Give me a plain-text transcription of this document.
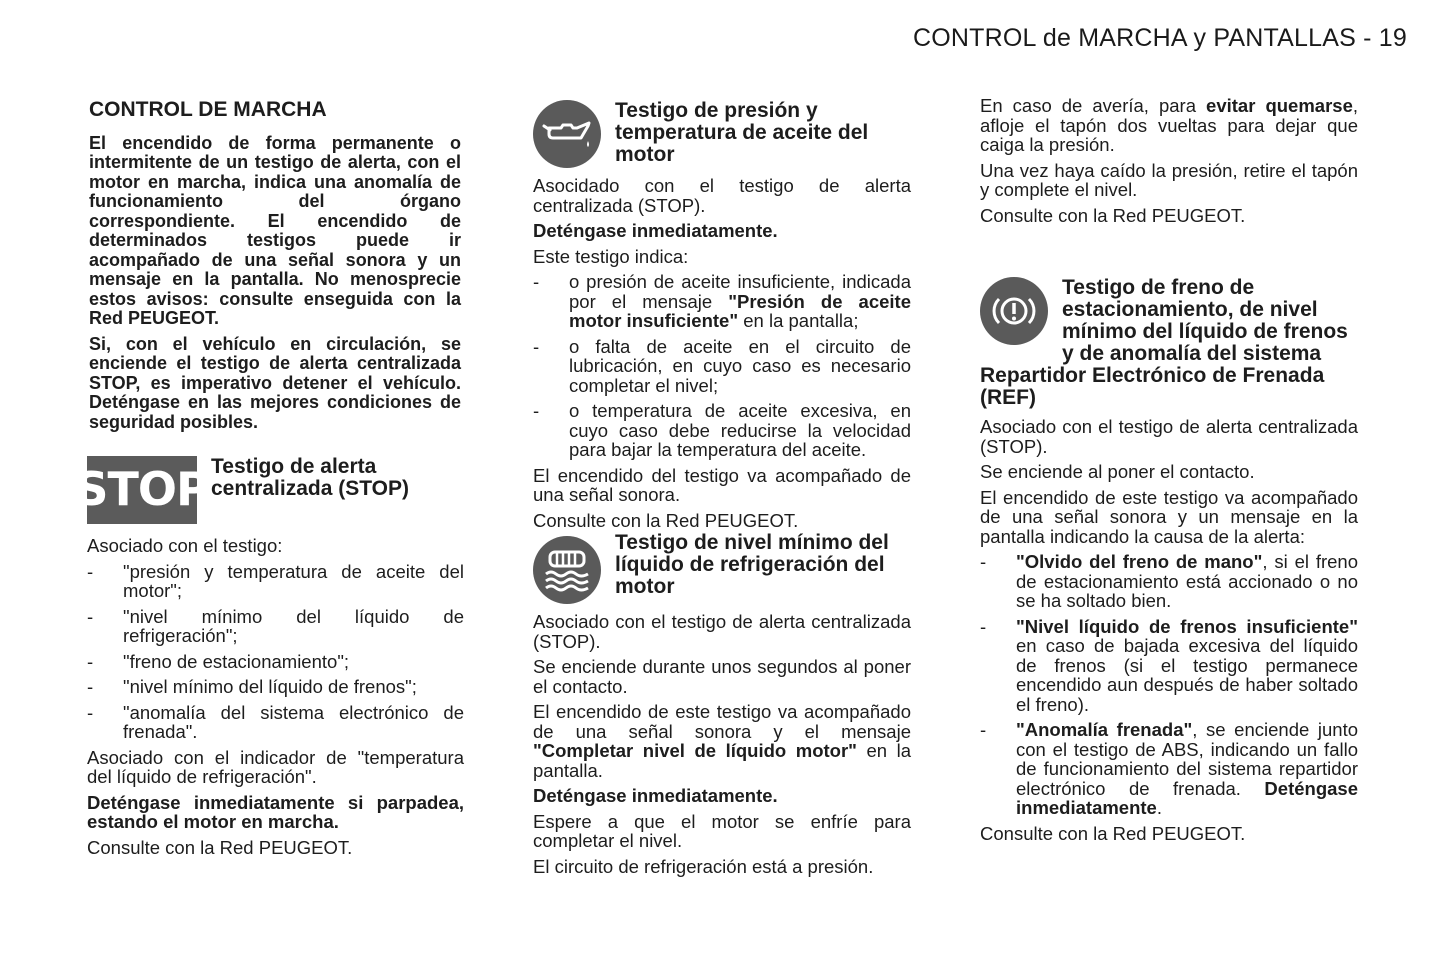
CONTROL de MARCHA y PANTALLAS - 19
CONTROL DE MARCHA

El encendido de forma permanente o intermitente de un testigo de alerta, con el motor en marcha, indica una anomalía de funcionamiento del órgano correspondiente. El encendido de determinados testigos puede ir acompañado de una señal sonora y un mensaje en la pantalla. No menosprecie estos avisos: consulte enseguida con la Red PEUGEOT.

Si, con el vehículo en circulación, se enciende el testigo de alerta centralizada STOP, es imperativo detener el vehículo. Deténgase en las mejores condiciones de seguridad posibles.

STOP Testigo de alerta centralizada (STOP)

Asociado con el testigo:

- "presión y temperatura de aceite del motor";
- "nivel mínimo del líquido de refrigeración";
- "freno de estacionamiento";
- "nivel mínimo del líquido de frenos";
- "anomalía del sistema electrónico de frenada".

Asociado con el indicador de "temperatura del líquido de refrigeración".

Deténgase inmediatamente si parpadea, estando el motor en marcha.

Consulte con la Red PEUGEOT.

Testigo de presión y temperatura de aceite del motor

Asocidado con el testigo de alerta centralizada (STOP).

Deténgase inmediatamente.

Este testigo indica:

- o presión de aceite insuficiente, indicada por el mensaje "Presión de aceite motor insuficiente" en la pantalla;
- o falta de aceite en el circuito de lubricación, en cuyo caso es necesario completar el nivel;
- o temperatura de aceite excesiva, en cuyo caso debe reducirse la velocidad para bajar la temperatura del aceite.

El encendido del testigo va acompañado de una señal sonora.

Consulte con la Red PEUGEOT.

Testigo de nivel mínimo del líquido de refrigeración del motor

Asociado con el testigo de alerta centralizada (STOP).

Se enciende durante unos segundos al poner el contacto.

El encendido de este testigo va acompañado de una señal sonora y el mensaje "Completar nivel de líquido motor" en la pantalla.

Deténgase inmediatamente.

Espere a que el motor se enfríe para completar el nivel.

El circuito de refrigeración está a presión.

En caso de avería, para evitar quemarse, afloje el tapón dos vueltas para dejar que caiga la presión.

Una vez haya caído la presión, retire el tapón y complete el nivel.

Consulte con la Red PEUGEOT.

Testigo de freno de estacionamiento, de nivel mínimo del líquido de frenos y de anomalía del sistema Repartidor Electrónico de Frenada (REF)

Asociado con el testigo de alerta centralizada (STOP).

Se enciende al poner el contacto.

El encendido de este testigo va acompañado de una señal sonora y un mensaje en la pantalla indicando la causa de la alerta:

- "Olvido del freno de mano", si el freno de estacionamiento está accionado o no se ha soltado bien.
- "Nivel líquido de frenos insuficiente" en caso de bajada excesiva del líquido de frenos (si el testigo permanece encendido aun después de haber soltado el freno).
- "Anomalía frenada", se enciende junto con el testigo de ABS, indicando un fallo de funcionamiento del sistema repartidor electrónico de frenada. Deténgase inmediatamente.

Consulte con la Red PEUGEOT.
